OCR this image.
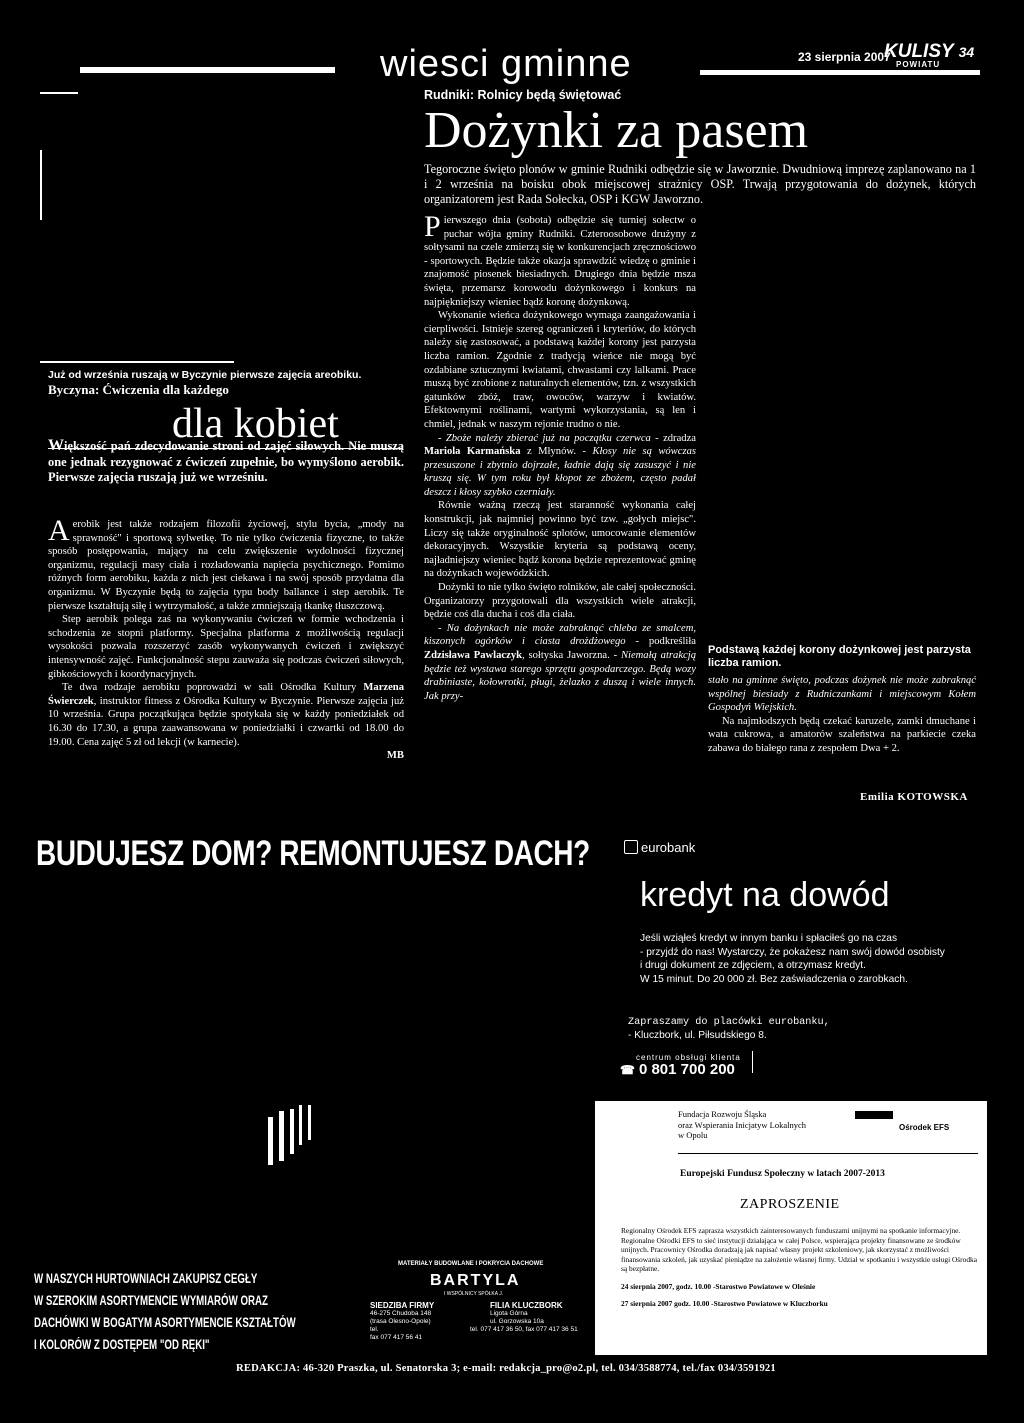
wiesci gminne	23 sierpnia 2007
KULISY 34
POWIATU
Rudniki: Rolnicy będą świętować
Dożynki za pasem
Tegoroczne święto plonów w gminie Rudniki odbędzie się w Jaworznie. Dwudniową imprezę zaplanowano na 1 i 2 września na boisku obok miejscowej strażnicy OSP. Trwają przygotowania do dożynek, których organizatorem jest Rada Sołecka, OSP i KGW Jaworzno.

Pierwszego dnia (sobota) odbędzie się turniej sołectw o puchar wójta gminy Rudniki. Czteroosobowe drużyny z sołtysami na czele zmierzą się w konkurencjach zręcznościowo - sportowych. Będzie także okazja sprawdzić wiedzę o gminie i znajomość piosenek biesiadnych. Drugiego dnia będzie msza święta, przemarsz korowodu dożynkowego i konkurs na najpiękniejszy wieniec bądź koronę dożynkową.

Wykonanie wieńca dożynkowego wymaga zaangażowania i cierpliwości. Istnieje szereg ograniczeń i kryteriów, do których należy się zastosować, a podstawą każdej korony jest parzysta liczba ramion. Zgodnie z tradycją wieńce nie mogą być ozdabiane sztucznymi kwiatami, chwastami czy lalkami. Prace muszą być zrobione z naturalnych elementów, tzn. z wszystkich gatunków zbóż, traw, owoców, warzyw i kwiatów. Efektownymi roślinami, wartymi wykorzystania, są len i chmiel, jednak w naszym rejonie trudno o nie.

- Zboże należy zbierać już na początku czerwca - zdradza Mariola Karmańska z Młynów. - Kłosy nie są wówczas przesuszone i zbytnio dojrzałe, ładnie dają się zasuszyć i nie kruszą się. W tym roku był kłopot ze zbożem, często padał deszcz i kłosy szybko czerniały.

Równie ważną rzeczą jest staranność wykonania całej konstrukcji, jak najmniej powinno być tzw. „gołych miejsc". Liczy się także oryginalność splotów, umocowanie elementów dekoracyjnych. Wszystkie kryteria są podstawą oceny, najładniejszy wieniec bądź korona będzie reprezentować gminę na dożynkach wojewódzkich.

Dożynki to nie tylko święto rolników, ale całej społeczności. Organizatorzy przygotowali dla wszystkich wiele atrakcji, będzie coś dla ducha i coś dla ciała.

- Na dożynkach nie może zabraknąć chleba ze smalcem, kiszonych ogórków i ciasta drożdżowego - podkreśliła Zdzisława Pawlaczyk, sołtyska Jaworzna. - Niemałą atrakcją będzie też wystawa starego sprzętu gospodarczego. Będą wozy drabiniaste, kołowrotki, pługi, żelazko z duszą i wiele innych. Jak przy-

Podstawą każdej korony dożynkowej jest parzysta liczba ramion.

stało na gminne święto, podczas dożynek nie może zabraknąć wspólnej biesiady z Rudniczankami i miejscowym Kołem Gospodyń Wiejskich.

Na najmłodszych będą czekać karuzele, zamki dmuchane i wata cukrowa, a amatorów szaleństwa na parkiecie czeka zabawa do białego rana z zespołem Dwa + 2.

Emilia KOTOWSKA
Już od września ruszają w Byczynie pierwsze zajęcia areobiku.
Byczyna: Ćwiczenia dla każdego
dla kobiet
Większość pań zdecydowanie stroni od zajęć siłowych. Nie muszą one jednak rezygnować z ćwiczeń zupełnie, bo wymyślono aerobik. Pierwsze zajęcia ruszają już we wrześniu.

Aerobik jest także rodzajem filozofii życiowej, stylu bycia, „mody na sprawność" i sportową sylwetkę. To nie tylko ćwiczenia fizyczne, to także sposób postępowania, mający na celu zwiększenie wydolności fizycznej organizmu, regulacji masy ciała i rozładowania napięcia psychicznego. Pomimo różnych form aerobiku, każda z nich jest ciekawa i na swój sposób przydatna dla organizmu. W Byczynie będą to zajęcia typu body ballance i step aerobik. Te pierwsze kształtują siłę i wytrzymałość, a także zmniejszają tkankę tłuszczową.

Step aerobik polega zaś na wykonywaniu ćwiczeń w formie wchodzenia i schodzenia ze stopni platformy. Specjalna platforma z możliwością regulacji wysokości pozwala rozszerzyć zasób wykonywanych ćwiczeń i zwiększyć intensywność zajęć. Funkcjonalność stepu zauważa się podczas ćwiczeń siłowych, gibkościowych i koordynacyjnych.

Te dwa rodzaje aerobiku poprowadzi w sali Ośrodka Kultury Marzena Świerczek, instruktor fitness z Ośrodka Kultury w Byczynie. Pierwsze zajęcia już 10 września. Grupa początkująca będzie spotykała się w każdy poniedziałek od 16.30 do 17.30, a grupa zaawansowana w poniedziałki i czwartki od 18.00 do 19.00. Cena zajęć 5 zł od lekcji (w karnecie).

MB

BUDUJESZ DOM? REMONTUJESZ DACH?	eurobank
kredyt na dowód
Jeśli wziąłeś kredyt w innym banku i spłaciłeś go na czas
- przyjdź do nas! Wystarczy, że pokażesz nam swój dowód osobisty
i drugi dokument ze zdjęciem, a otrzymasz kredyt.
W 15 minut. Do 20 000 zł. Bez zaświadczenia o zarobkach.
Zapraszamy do placówki eurobanku,
- Kluczbork, ul. Piłsudskiego 8.
centrum obsługi klienta
☎ 0 801 700 200
W NASZYCH HURTOWNIACH ZAKUPISZ CEGŁY
W SZEROKIM ASORTYMENCIE WYMIARÓW ORAZ
DACHÓWKI W BOGATYM ASORTYMENCIE KSZTAŁTÓW
I KOLORÓW Z DOSTĘPEM "OD RĘKI"
MATERIAŁY BUDOWLANE I POKRYCIA DACHOWE
BARTYLA
I WSPÓLNICY SPÓŁKA J.
SIEDZIBA FIRMY
46-275 Chudoba 148
(trasa Olesno-Opole)
tel.
fax 077 417 56 41
FILIA KLUCZBORK
Ligota Górna
ul. Gorzowska 10a
tel. 077 417 36 50, fax 077 417 36 51
Fundacja Rozwoju Śląska
oraz Wspierania Inicjatyw Lokalnych
w Opolu
Ośrodek EFS
Europejski Fundusz Społeczny w latach 2007-2013
ZAPROSZENIE

Regionalny Ośrodek EFS zaprasza wszystkich zainteresowanych funduszami unijnymi na spotkanie informacyjne.

Regionalne Ośrodki EFS to sieć instytucji działająca w całej Polsce, wspierająca projekty finansowane ze środków unijnych. Pracownicy Ośrodka doradzają jak napisać własny projekt szkoleniowy, jak skorzystać z możliwości finansowania szkoleń, jak uzyskać pieniądze na założenie własnej firmy. Udział w spotkaniu i wszystkie usługi Ośrodka są bezpłatne.

24 sierpnia 2007, godz. 10.00 -Starostwo Powiatowe w Oleśnie

27 sierpnia 2007 godz. 10.00 -Starostwo Powiatowe w Kluczborku

REDAKCJA: 46-320 Praszka, ul. Senatorska 3; e-mail: redakcja_pro@o2.pl, tel. 034/3588774, tel./fax 034/3591921
